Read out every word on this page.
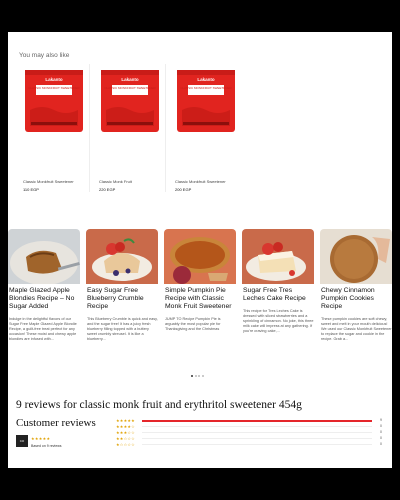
You may also like
Lakanto
CLASSIC MONKFRUIT SWEETENER
Classic Monkfruit Sweetener
110 EGP
Lakanto
CLASSIC MONKFRUIT SWEETENER
Classic Monk Fruit
220 EGP
Lakanto
CLASSIC MONKFRUIT SWEETENER
Classic Monkfruit Sweetener
200 EGP
Maple Glazed Apple Blondies Recipe – No Sugar Added
Indulge in the delightful flavors of our Sugar Free Maple Glazed Apple Blondie Recipe, a guilt-free treat perfect for any occasion! These moist and chewy apple blondies are infused with...
Easy Sugar Free Blueberry Crumble Recipe
This Blueberry Crumble is quick and easy, and the sugar free! It has a juicy fresh blueberry filling topped with a buttery sweet crumbly streusel. It is like a blueberry...
Simple Pumpkin Pie Recipe with Classic Monk Fruit Sweetener
JUMP TO Recipe Pumpkin Pie is arguably the most popular pie for Thanksgiving and the Christmas
Sugar Free Tres Leches Cake Recipe
This recipe for Tres Leches Cake is dressed with sliced strawberries and a sprinkling of cinnamon. No joke, this three milk cake will impress at any gathering. If you're craving cake,...
Chewy Cinnamon Pumpkin Cookies Recipe
These pumpkin cookies are soft chewy, sweet and melt in your mouth delicious! We used our Classic Monkfruit Sweetener to replace the sugar and cookie in the recipe. Grab a...
9 reviews for classic monk fruit and erythritol sweetener 454g
Customer reviews
CO	★★★★★
Based on 9 reviews
★★★★★	9
★★★★☆	0
★★★☆☆	0
★★☆☆☆	0
★☆☆☆☆	0
